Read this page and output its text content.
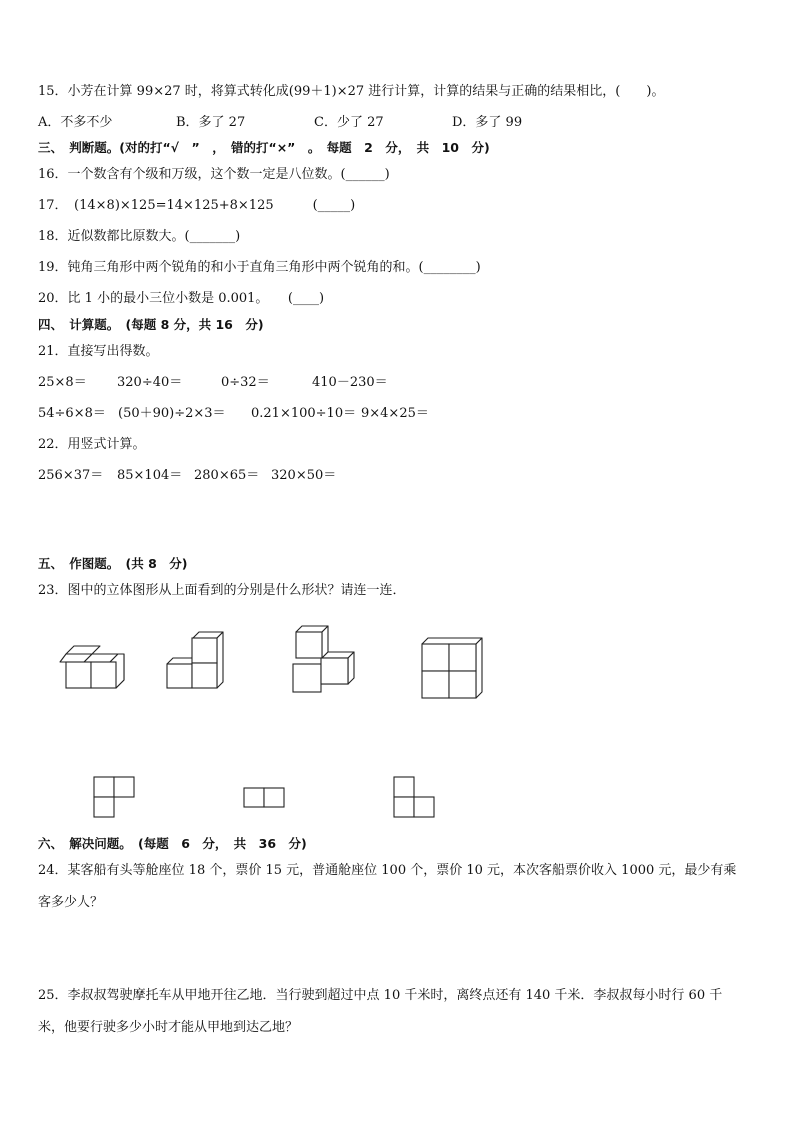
15．小芳在计算 99×27 时，将算式转化成(99＋1)×27 进行计算，计算的结果与正确的结果相比，(　　)。
A．不多不少	B．多了 27	C．少了 27	D．多了 99
三、　判断题。(对的打“√　”　，　错的打“×”　。　每题　2　分，　共　10　分)
16．一个数含有个级和万级，这个数一定是八位数。(______)
17．　(14×8)×125=14×125+8×125　　　(_____)
18．近似数都比原数大。(_______)
19．钝角三角形中两个锐角的和小于直角三角形中两个锐角的和。(________)
20．比 1 小的最小三位小数是 0.001。　　(____)
四、　计算题。　(每题 8 分，共 16　分)
21．直接写出得数。
25×8＝ 320÷40＝	0÷32＝	410－230＝
54÷6×8＝ (50＋90)÷2×3＝ 0.21×100÷10＝ 9×4×25＝
22．用竖式计算。
256×37＝ 85×104＝ 280×65＝ 320×50＝
五、　作图题。　(共 8　分)
23．图中的立体图形从上面看到的分别是什么形状？请连一连．
六、　解决问题。　(每题　6　分，　共　36　分)
24．某客船有头等舱座位 18 个，票价 15 元，普通舱座位 100 个，票价 10 元，本次客船票价收入 1000 元，最少有乘
客多少人？
25．李叔叔驾驶摩托车从甲地开往乙地．当行驶到超过中点 10 千米时，离终点还有 140 千米．李叔叔每小时行 60 千
米，他要行驶多少小时才能从甲地到达乙地？
